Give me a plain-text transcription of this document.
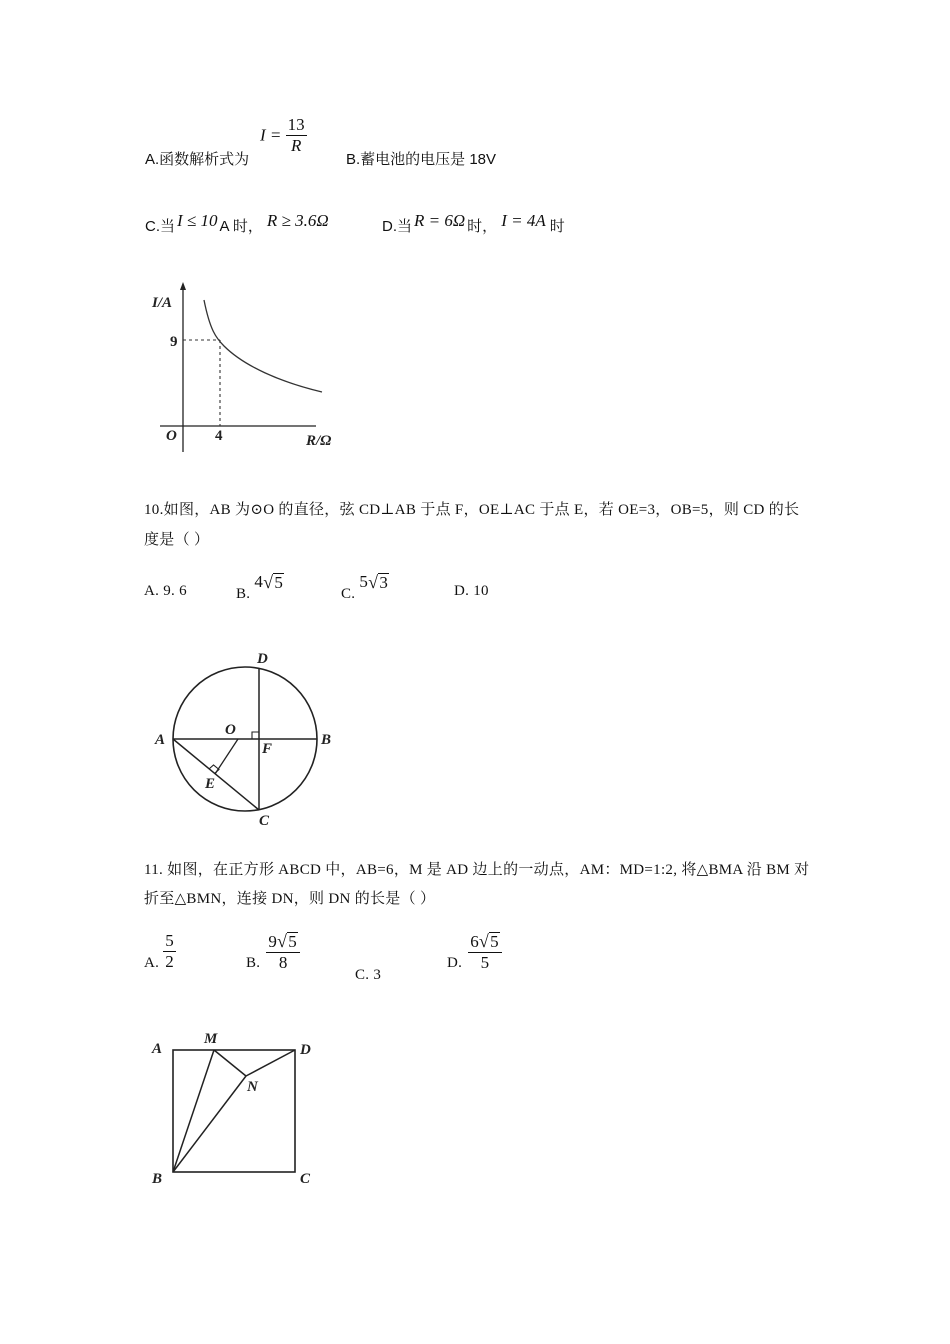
A.函数解析式为
$I = \frac{13}{R}$
B.蓄电池的电压是 18V
C.当 I ≤ 10 A 时， R ≥ 3.6Ω	D.当 R = 6Ω 时， I = 4A 时
I/A
9
O	4	R/Ω
10.如图，AB 为⊙O 的直径，弦 CD⊥AB 于点 F，OE⊥AC 于点 E，若 OE=3，OB=5，则 CD 的长
度是（ ）
A. 9. 6	B.
4 √ 5
C.
5 √ 3	D. 10
A	B
C
D
O
E
F
11. 如图，在正方形 ABCD 中，AB=6，M 是 AD 边上的一动点，AM：MD=1:2, 将△BMA 沿 BM 对
折至△BMN，连接 DN，则 DN 的长是（ ）
A. $\frac{5}{2}$	B. $\frac{9 √ 5}{8}$
C. 3
D. $\frac{6 √ 5}{5}$
A
M
D
N
B	C
